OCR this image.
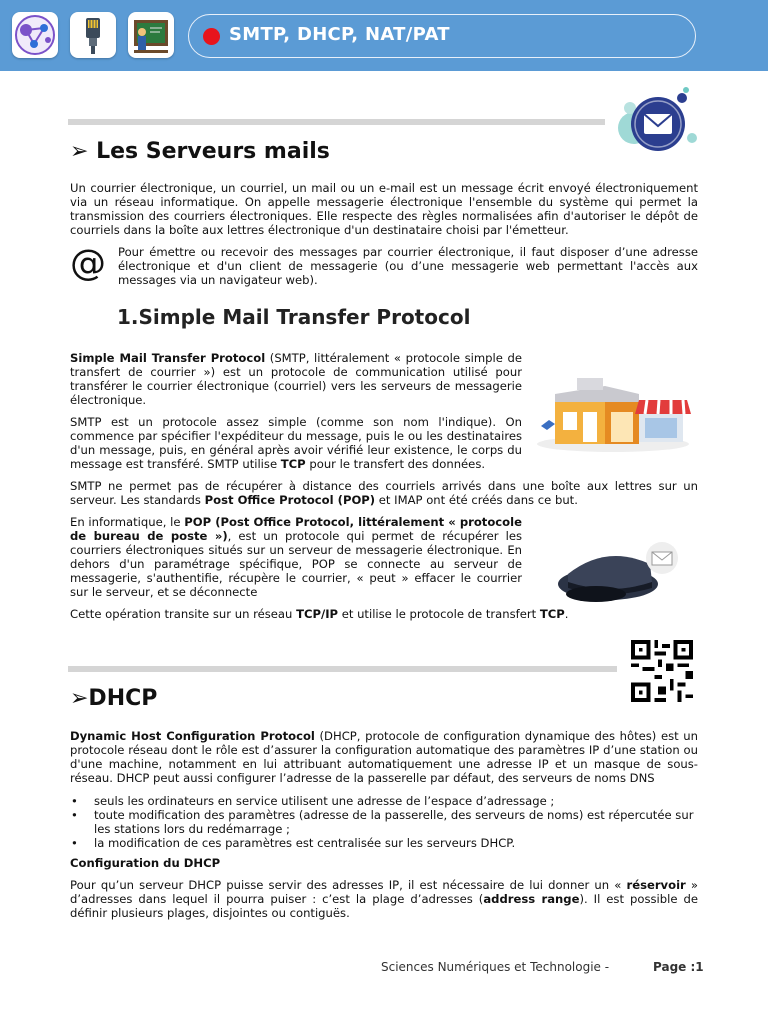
SMTP, DHCP, NAT/PAT
➢ Les Serveurs mails

Un courrier électronique, un courriel, un mail ou un e-mail est un message écrit envoyé électroniquement via un réseau informatique. On appelle messagerie électronique l'ensemble du système qui permet la transmission des courriers électroniques. Elle respecte des règles normalisées afin d'autoriser le dépôt de courriels dans la boîte aux lettres électronique d'un destinataire choisi par l'émetteur.

@ Pour émettre ou recevoir des messages par courrier électronique, il faut disposer d’une adresse électronique et d'un client de messagerie (ou d’une messagerie web permettant l'accès aux messages via un navigateur web).

1.Simple Mail Transfer Protocol

Simple Mail Transfer Protocol (SMTP, littéralement « protocole simple de transfert de courrier ») est un protocole de communication utilisé pour transférer le courrier électronique (courriel) vers les serveurs de messagerie électronique.

SMTP est un protocole assez simple (comme son nom l'indique). On commence par spécifier l'expéditeur du message, puis le ou les destinataires d'un message, puis, en général après avoir vérifié leur existence, le corps du message est transféré. SMTP utilise TCP pour le transfert des données.

SMTP ne permet pas de récupérer à distance des courriels arrivés dans une boîte aux lettres sur un serveur. Les standards Post Office Protocol (POP) et IMAP ont été créés dans ce but.

En informatique, le POP (Post Office Protocol, littéralement « protocole de bureau de poste »), est un protocole qui permet de récupérer les courriers électroniques situés sur un serveur de messagerie électronique. En dehors d'un paramétrage spécifique, POP se connecte au serveur de messagerie, s'authentifie, récupère le courrier, « peut » effacer le courrier sur le serveur, et se déconnecte

Cette opération transite sur un réseau TCP/IP et utilise le protocole de transfert TCP.

➢DHCP

Dynamic Host Configuration Protocol (DHCP, protocole de configuration dynamique des hôtes) est un protocole réseau dont le rôle est d’assurer la configuration automatique des paramètres IP d’une station ou d'une machine, notamment en lui attribuant automatiquement une adresse IP et un masque de sous-réseau. DHCP peut aussi configurer l’adresse de la passerelle par défaut, des serveurs de noms DNS

• seuls les ordinateurs en service utilisent une adresse de l’espace d’adressage ;
• toute modification des paramètres (adresse de la passerelle, des serveurs de noms) est répercutée sur les stations lors du redémarrage ;
• la modification de ces paramètres est centralisée sur les serveurs DHCP.

Configuration du DHCP

Pour qu’un serveur DHCP puisse servir des adresses IP, il est nécessaire de lui donner un « réservoir » d’adresses dans lequel il pourra puiser : c’est la plage d’adresses (address range). Il est possible de définir plusieurs plages, disjointes ou contiguës.

Sciences Numériques et Technologie -	Page :1
